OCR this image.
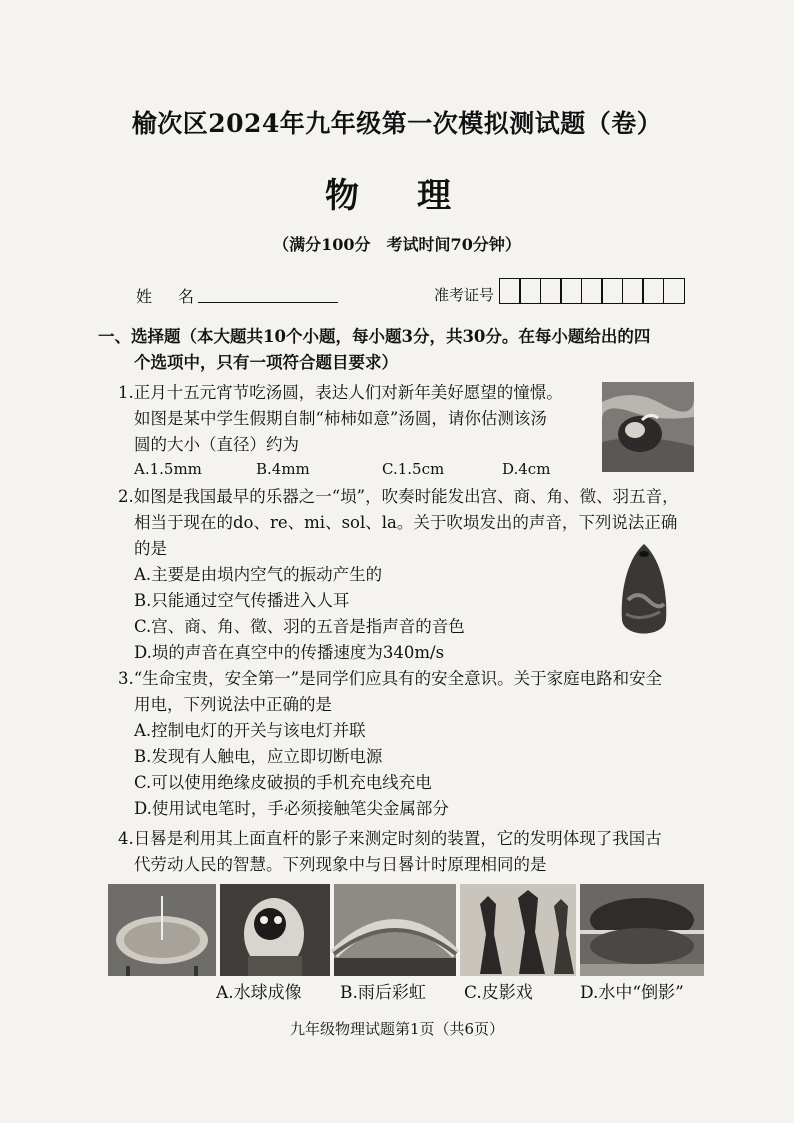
榆次区2024年九年级第一次模拟测试题（卷）
物理
（满分100分　考试时间70分钟）
姓名	准考证号
一、选择题（本大题共10个小题，每小题3分，共30分。在每小题给出的四
个选项中，只有一项符合题目要求）
1.正月十五元宵节吃汤圆，表达人们对新年美好愿望的憧憬。
如图是某中学生假期自制“柿柿如意”汤圆，请你估测该汤
圆的大小（直径）约为
A.1.5mm	B.4mm	C.1.5cm	D.4cm
2.如图是我国最早的乐器之一“埙”，吹奏时能发出宫、商、角、徵、羽五音，
相当于现在的do、re、mi、sol、la。关于吹埙发出的声音，下列说法正确
的是
A.主要是由埙内空气的振动产生的
B.只能通过空气传播进入人耳
C.宫、商、角、徵、羽的五音是指声音的音色
D.埙的声音在真空中的传播速度为340m/s
3.“生命宝贵，安全第一”是同学们应具有的安全意识。关于家庭电路和安全
用电，下列说法中正确的是
A.控制电灯的开关与该电灯并联
B.发现有人触电，应立即切断电源
C.可以使用绝缘皮破损的手机充电线充电
D.使用试电笔时，手必须接触笔尖金属部分
4.日晷是利用其上面直杆的影子来测定时刻的装置，它的发明体现了我国古
代劳动人民的智慧。下列现象中与日晷计时原理相同的是
A.水球成像	B.雨后彩虹	C.皮影戏	D.水中“倒影”
九年级物理试题第1页（共6页）
